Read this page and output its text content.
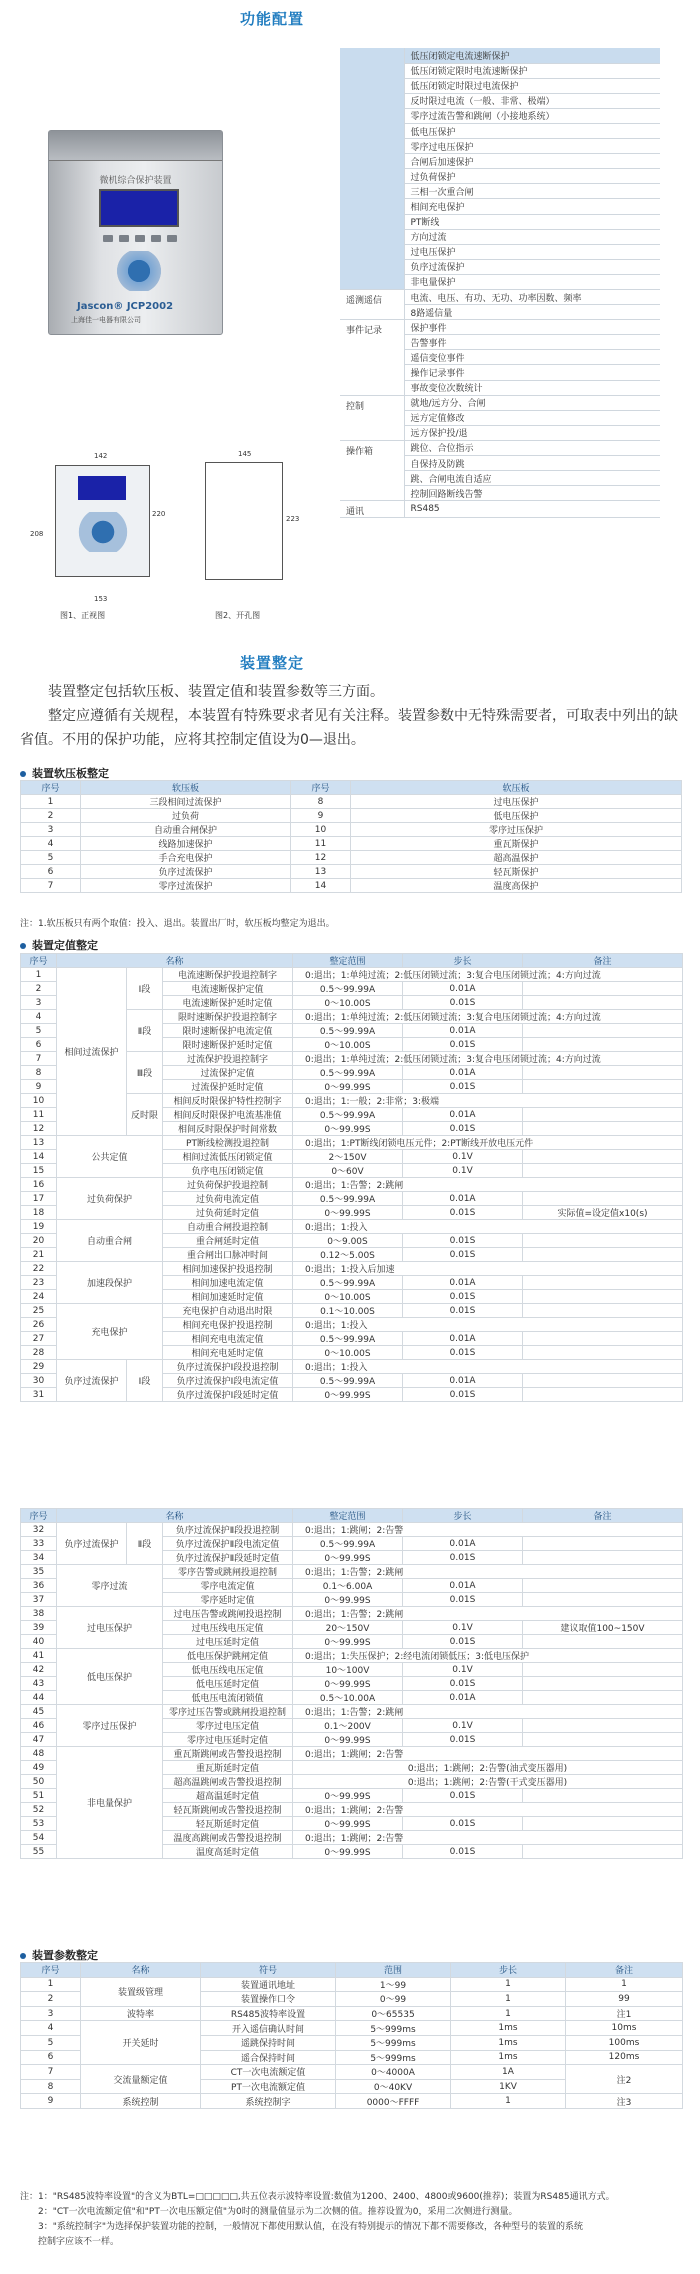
功能配置
微机综合保护装置
Jascon® JCP2002
上海佳一电器有限公司
142
220
208
153
图1、正视图
145
223
图2、开孔图
	低压闭锁定电流速断保护
	低压闭锁定限时电流速断保护
	低压闭锁定时限过电流保护
	反时限过电流（一般、非常、极端）
	零序过流告警和跳闸（小接地系统）
	低电压保护
	零序过电压保护
	合闸后加速保护
	过负荷保护
	三相一次重合闸
	相间充电保护
	PT断线
	方向过流
	过电压保护
	负序过流保护
	非电量保护
遥测遥信	电流、电压、有功、无功、功率因数、频率
	8路遥信量
事件记录	保护事件
	告警事件
	遥信变位事件
	操作记录事件
	事故变位次数统计
控制	就地/远方分、合闸
	远方定值修改
	远方保护投/退
操作箱	跳位、合位指示
	自保持及防跳
	跳、合闸电流自适应
	控制回路断线告警
通讯	RS485
装置整定
装置整定包括软压板、装置定值和装置参数等三方面。
整定应遵循有关规程，本装置有特殊要求者见有关注释。装置参数中无特殊需要者，可取表中列出的缺省值。不用的保护功能，应将其控制定值设为0—退出。
装置软压板整定
序号	软压板	序号	软压板
1	三段相间过流保护	8	过电压保护
2	过负荷	9	低电压保护
3	自动重合闸保护	10	零序过压保护
4	线路加速保护	11	重瓦斯保护
5	手合充电保护	12	超高温保护
6	负序过流保护	13	轻瓦斯保护
7	零序过流保护	14	温度高保护
注：1.软压板只有两个取值：投入、退出。装置出厂时，软压板均整定为退出。
装置定值整定
序号	名称			整定范围	步长	备注
1	相间过流保护	Ⅰ段	电流速断保护投退控制字	0:退出；1:单纯过流；2:低压闭锁过流；3:复合电压闭锁过流；4:方向过流		
2			电流速断保护定值	0.5～99.99A	0.01A	
3			电流速断保护延时定值	0～10.00S	0.01S	
4		Ⅱ段	限时速断保护投退控制字	0:退出；1:单纯过流；2:低压闭锁过流；3:复合电压闭锁过流；4:方向过流		
5			限时速断保护电流定值	0.5～99.99A	0.01A	
6			限时速断保护延时定值	0～10.00S	0.01S	
7		Ⅲ段	过流保护投退控制字	0:退出；1:单纯过流；2:低压闭锁过流；3:复合电压闭锁过流；4:方向过流		
8			过流保护定值	0.5～99.99A	0.01A	
9			过流保护延时定值	0～99.99S	0.01S	
10		反时限	相间反时限保护特性控制字	0:退出；1:一般；2:非常；3:极端		
11			相间反时限保护电流基准值	0.5～99.99A	0.01A	
12			相间反时限保护时间常数	0～99.99S	0.01S	
13	公共定值		PT断线检测投退控制	0:退出；1:PT断线闭锁电压元件；2:PT断线开放电压元件		
14			相间过流低压闭锁定值	2～150V	0.1V	
15			负序电压闭锁定值	0～60V	0.1V	
16	过负荷保护		过负荷保护投退控制	0:退出；1:告警；2:跳闸		
17			过负荷电流定值	0.5～99.99A	0.01A	
18			过负荷延时定值	0～99.99S	0.01S	实际值=设定值x10(s)
19	自动重合闸		自动重合闸投退控制	0:退出；1:投入		
20			重合闸延时定值	0～9.00S	0.01S	
21			重合闸出口脉冲时间	0.12～5.00S	0.01S	
22	加速段保护		相间加速保护投退控制	0:退出；1:投入后加速		
23			相间加速电流定值	0.5～99.99A	0.01A	
24			相间加速延时定值	0～10.00S	0.01S	
25	充电保护		充电保护自动退出时限	0.1～10.00S	0.01S	
26			相间充电保护投退控制	0:退出；1:投入		
27			相间充电电流定值	0.5～99.99A	0.01A	
28			相间充电延时定值	0～10.00S	0.01S	
29	负序过流保护	Ⅰ段	负序过流保护Ⅰ段投退控制	0:退出；1:投入		
30			负序过流保护Ⅰ段电流定值	0.5～99.99A	0.01A	
31			负序过流保护Ⅰ段延时定值	0～99.99S	0.01S	
序号	名称			整定范围	步长	备注
32	负序过流保护	Ⅱ段	负序过流保护Ⅱ段投退控制	0:退出；1:跳闸；2:告警		
33			负序过流保护Ⅱ段电流定值	0.5～99.99A	0.01A	
34			负序过流保护Ⅱ段延时定值	0～99.99S	0.01S	
35	零序过流		零序告警或跳闸投退控制	0:退出；1:告警；2:跳闸		
36			零序电流定值	0.1～6.00A	0.01A	
37			零序延时定值	0～99.99S	0.01S	
38	过电压保护		过电压告警或跳闸投退控制	0:退出；1:告警；2:跳闸		
39			过电压线电压定值	20～150V	0.1V	建议取值100~150V
40			过电压延时定值	0～99.99S	0.01S	
41	低电压保护		低电压保护跳闸定值	0:退出；1:失压保护；2:经电流闭锁低压；3:低电压保护		
42			低电压线电压定值	10～100V	0.1V	
43			低电压延时定值	0～99.99S	0.01S	
44			低电压电流闭锁值	0.5～10.00A	0.01A	
45	零序过压保护		零序过压告警或跳闸投退控制	0:退出；1:告警；2:跳闸		
46			零序过电压定值	0.1～200V	0.1V	
47			零序过电压延时定值	0～99.99S	0.01S	
48	非电量保护		重瓦斯跳闸或告警投退控制	0:退出；1:跳闸；2:告警		
49			重瓦斯延时定值	0:退出；1:跳闸；2:告警(油式变压器用)		
50			超高温跳闸或告警投退控制	0:退出；1:跳闸；2:告警(干式变压器用)		
51			超高温延时定值	0～99.99S	0.01S	
52			轻瓦斯跳闸或告警投退控制	0:退出；1:跳闸；2:告警		
53			轻瓦斯延时定值	0～99.99S	0.01S	
54			温度高跳闸或告警投退控制	0:退出；1:跳闸；2:告警		
55			温度高延时定值	0～99.99S	0.01S	
装置参数整定
序号	名称	符号	范围	步长	备注
1	装置级管理	装置通讯地址	1～99	1	1
2		装置操作口令	0～99	1	99
3	波特率	RS485波特率设置	0～65535	1	注1
4	开关延时	开入遥信确认时间	5～999ms	1ms	10ms
5		遥跳保持时间	5～999ms	1ms	100ms
6		遥合保持时间	5～999ms	1ms	120ms
7	交流量额定值	CT一次电流额定值	0～4000A	1A	注2
8		PT一次电流额定值	0～40KV	1KV	
9	系统控制	系统控制字	0000～FFFF	1	注3
注：1："RS485波特率设置"的含义为BTL=□□□□□,共五位表示波特率设置:数值为1200、2400、4800或9600(推荐)；装置为RS485通讯方式。
2："CT一次电流额定值"和"PT一次电压额定值"为0时的测量值显示为二次侧的值。推荐设置为0，采用二次侧进行测量。
3："系统控制字"为选择保护装置功能的控制，一般情况下都使用默认值，在没有特别提示的情况下都不需要修改，各种型号的装置的系统
控制字应该不一样。
